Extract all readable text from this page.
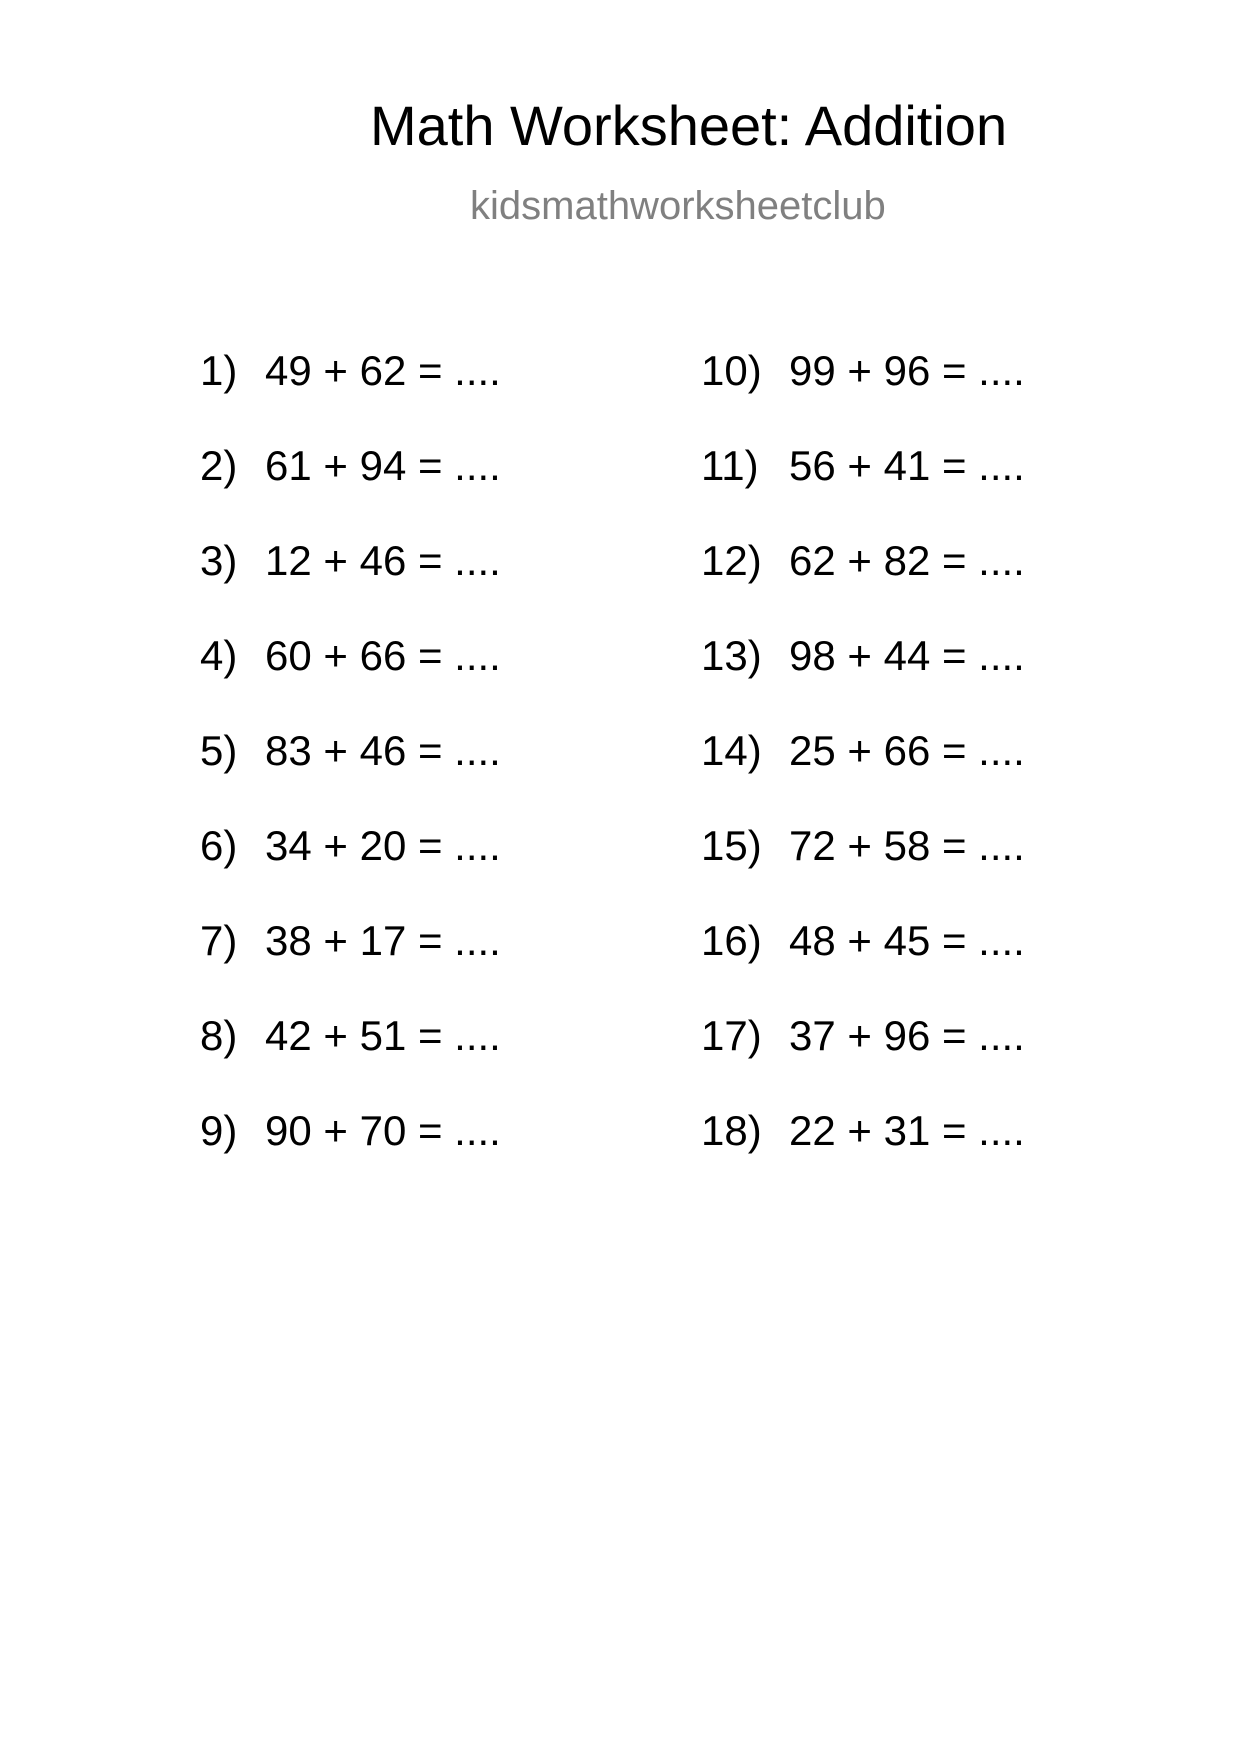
Math Worksheet: Addition
kidsmathworksheetclub
1) 49 + 62 = ....
2) 61 + 94 = ....
3) 12 + 46 = ....
4) 60 + 66 = ....
5) 83 + 46 = ....
6) 34 + 20 = ....
7) 38 + 17 = ....
8) 42 + 51 = ....
9) 90 + 70 = ....
10) 99 + 96 = ....
11) 56 + 41 = ....
12) 62 + 82 = ....
13) 98 + 44 = ....
14) 25 + 66 = ....
15) 72 + 58 = ....
16) 48 + 45 = ....
17) 37 + 96 = ....
18) 22 + 31 = ....
